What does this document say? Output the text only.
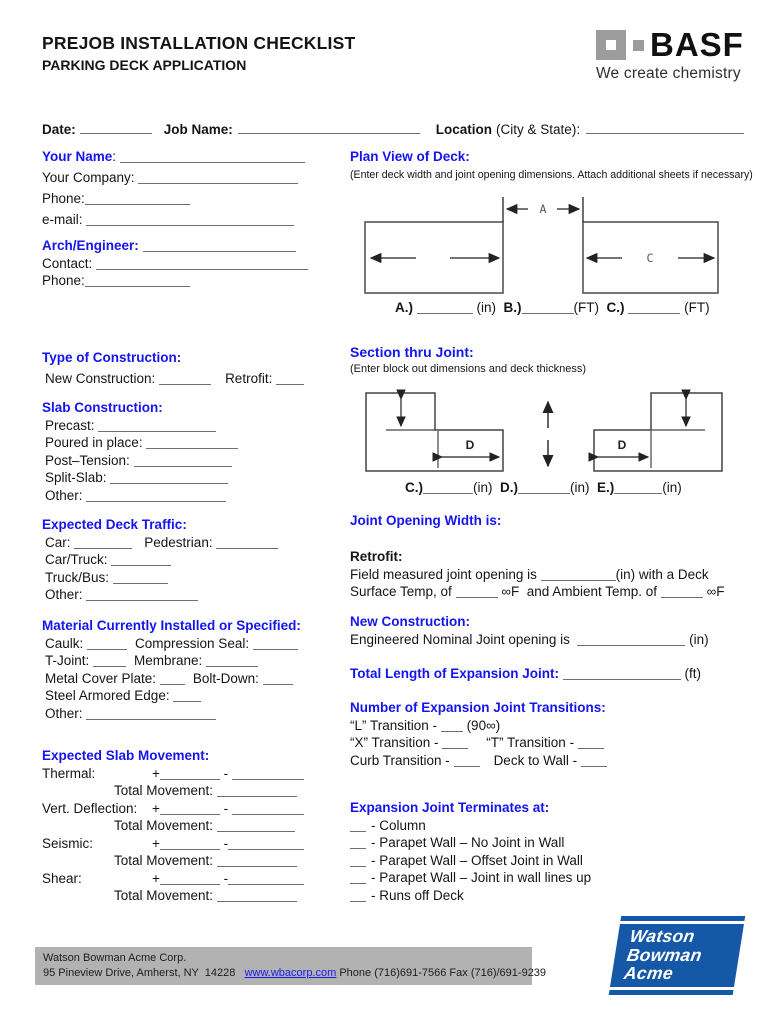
PREJOB INSTALLATION CHECKLIST
PARKING DECK APPLICATION
BASF
We create chemistry
Date:	Job Name:	Location (City & State):
Your Name:
Your Company:
Phone:
e-mail:
Arch/Engineer:
Contact:
Phone:
Type of Construction:
New Construction:	Retrofit:
Slab Construction:
Precast:
Poured in place:
Post–Tension:
Split-Slab:
Other:
Expected Deck Traffic:
Car:	Pedestrian:
Car/Truck:
Truck/Bus:
Other:
Material Currently Installed or Specified:
Caulk:	Compression Seal:
T-Joint:	Membrane:
Metal Cover Plate:	Bolt-Down:
Steel Armored Edge:
Other:
Expected Slab Movement:
Thermal:	+	-
Total Movement:
Vert. Deflection: +	-
Total Movement:
Seismic:	+	-
Total Movement:
Shear:	+	-
Total Movement:
Plan View of Deck:
(Enter deck width and joint opening dimensions. Attach additional sheets if necessary)
A
C
A.)	(in) B.)	(FT) C.)	(FT)
Section thru Joint:
(Enter block out dimensions and deck thickness)
D	D
C.)	(in) D.)	(in) E.)	(in)
Joint Opening Width is:
Retrofit:
Field measured joint opening is	(in) with a Deck
Surface Temp, of	∞F  and Ambient Temp. of	∞F
New Construction:
Engineered Nominal Joint opening is	(in)
Total Length of Expansion Joint:	(ft)
Number of Expansion Joint Transitions:
“L” Transition - (90∞)
“X” Transition -	“T” Transition -
Curb Transition -	Deck to Wall -
Expansion Joint Terminates at:
- Column
- Parapet Wall – No Joint in Wall
- Parapet Wall – Offset Joint in Wall
- Parapet Wall – Joint in wall lines up
- Runs off Deck
Watson Bowman Acme Corp.
95 Pineview Drive, Amherst, NY  14228 www.wbacorp.com Phone (716)691-7566 Fax (716)/691-9239
Watson
Bowman
Acme
